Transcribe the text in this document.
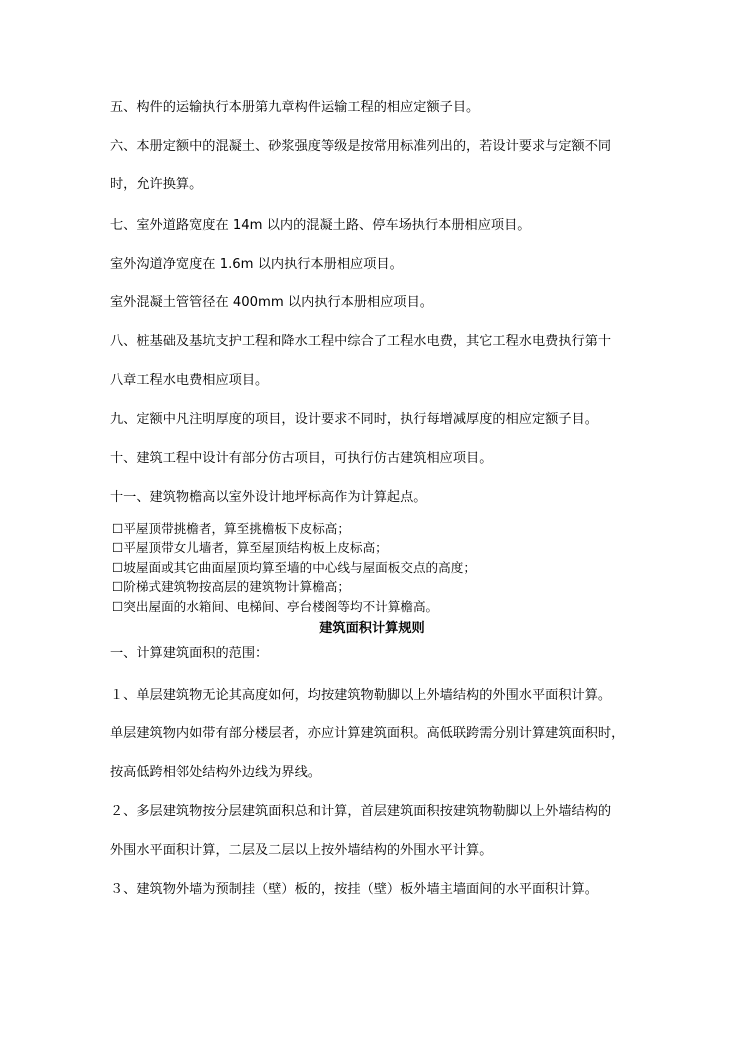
五、构件的运输执行本册第九章构件运输工程的相应定额子目。
六、本册定额中的混凝土、砂浆强度等级是按常用标准列出的，若设计要求与定额不同
时，允许换算。
七、室外道路宽度在 14m 以内的混凝土路、停车场执行本册相应项目。
室外沟道净宽度在 1.6m 以内执行本册相应项目。
室外混凝土管管径在 400mm 以内执行本册相应项目。
八、桩基础及基坑支护工程和降水工程中综合了工程水电费，其它工程水电费执行第十
八章工程水电费相应项目。
九、定额中凡注明厚度的项目，设计要求不同时，执行每增减厚度的相应定额子目。
十、建筑工程中设计有部分仿古项目，可执行仿古建筑相应项目。
十一、建筑物檐高以室外设计地坪标高作为计算起点。
☐平屋顶带挑檐者，算至挑檐板下皮标高；
☐平屋顶带女儿墙者，算至屋顶结构板上皮标高；
☐坡屋面或其它曲面屋顶均算至墙的中心线与屋面板交点的高度；
☐阶梯式建筑物按高层的建筑物计算檐高；
☐突出屋面的水箱间、电梯间、亭台楼阁等均不计算檐高。
建筑面积计算规则
一、计算建筑面积的范围：
１、单层建筑物无论其高度如何，均按建筑物勒脚以上外墙结构的外围水平面积计算。
单层建筑物内如带有部分楼层者，亦应计算建筑面积。高低联跨需分别计算建筑面积时，
按高低跨相邻处结构外边线为界线。
２、多层建筑物按分层建筑面积总和计算，首层建筑面积按建筑物勒脚以上外墙结构的
外围水平面积计算，二层及二层以上按外墙结构的外围水平计算。
３、建筑物外墙为预制挂（壁）板的，按挂（壁）板外墙主墙面间的水平面积计算。
